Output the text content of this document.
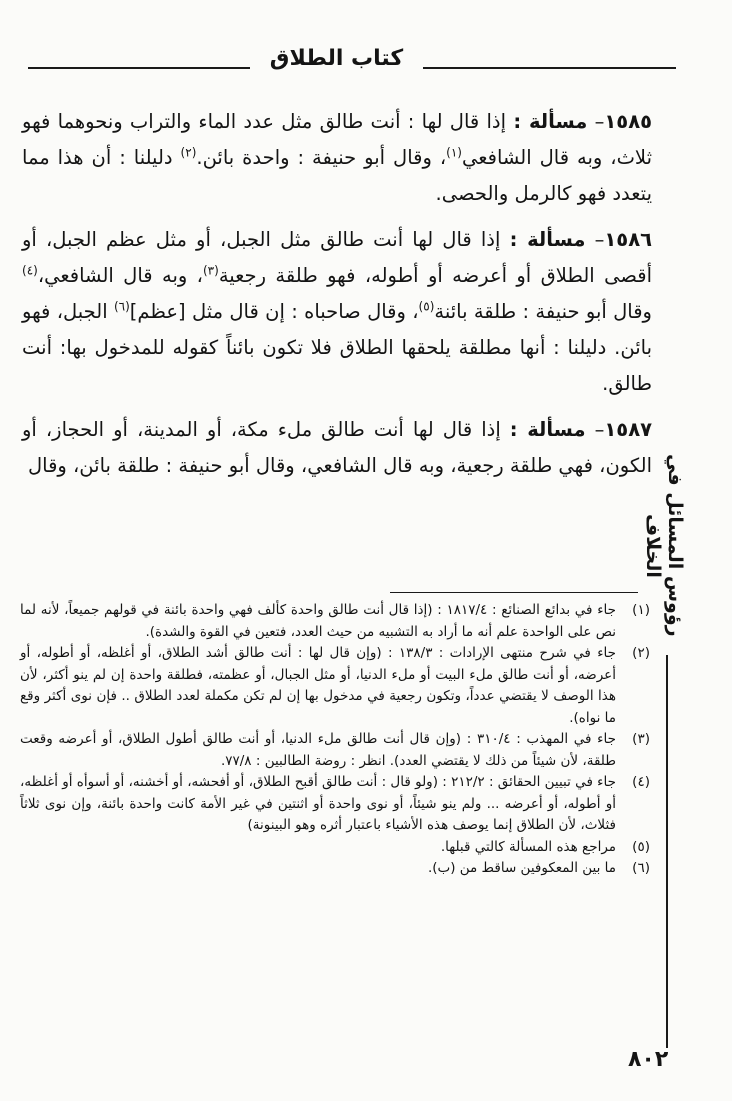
كتاب الطلاق

١٥٨٥– مسألة : إذا قال لها : أنت طالق مثل عدد الماء والتراب ونحوهما فهو ثلاث، وبه قال الشافعي$^{(١)}$، وقال أبو حنيفة : واحدة بائن.$^{(٢)}$ دليلنا : أن هذا مما يتعدد فهو كالرمل والحصى.

١٥٨٦– مسألة : إذا قال لها أنت طالق مثل الجبل، أو مثل عظم الجبل، أو أقصى الطلاق أو أعرضه أو أطوله، فهو طلقة رجعية$^{(٣)}$، وبه قال الشافعي،$^{(٤)}$ وقال أبو حنيفة : طلقة بائنة$^{(٥)}$، وقال صاحباه : إن قال مثل [عظم]$^{(٦)}$ الجبل، فهو بائن. دليلنا : أنها مطلقة يلحقها الطلاق فلا تكون بائناً كقوله للمدخول بها: أنت طالق.

١٥٨٧– مسألة : إذا قال لها أنت طالق ملء مكة، أو المدينة، أو الحجاز، أو الكون، فهي طلقة رجعية، وبه قال الشافعي، وقال أبو حنيفة : طلقة بائن، وقال رؤوس المسائل في الخلاف
(١)
جاء في بدائع الصنائع : ١٨١٧/٤ : (إذا قال أنت طالق واحدة كألف فهي واحدة بائنة في قولهم جميعاً، لأنه لما نص على الواحدة علم أنه ما أراد به التشبيه من حيث العدد، فتعين في القوة والشدة).
(٢)
جاء في شرح منتهى الإرادات : ١٣٨/٣ : (وإن قال لها : أنت طالق أشد الطلاق، أو أغلظه، أو أطوله، أو أعرضه، أو أنت طالق ملء البيت أو ملء الدنيا، أو مثل الجبال، أو عظمته، فطلقة واحدة إن لم ينو أكثر، لأن هذا الوصف لا يقتضي عدداً، وتكون رجعية في مدخول بها إن لم تكن مكملة لعدد الطلاق .. فإن نوى أكثر وقع ما نواه).
(٣)
جاء في المهذب : ٣١٠/٤ : (وإن قال أنت طالق ملء الدنيا، أو أنت طالق أطول الطلاق، أو أعرضه وقعت طلقة، لأن شيئاً من ذلك لا يقتضي العدد). انظر : روضة الطالبين : ٧٧/٨.
(٤)
جاء في تبيين الحقائق : ٢١٢/٢ : (ولو قال : أنت طالق أقبح الطلاق، أو أفحشه، أو أخشنه، أو أسوأه أو أغلظه، أو أطوله، أو أعرضه ... ولم ينو شيئاً، أو نوى واحدة أو اثنتين في غير الأمة كانت واحدة بائنة، وإن نوى ثلاثاً فثلاث، لأن الطلاق إنما يوصف هذه الأشياء باعتبار أثره وهو البينونة)
(٥)
مراجع هذه المسألة كالتي قبلها.
(٦)
ما بين المعكوفين ساقط من (ب).
٨٠٢
